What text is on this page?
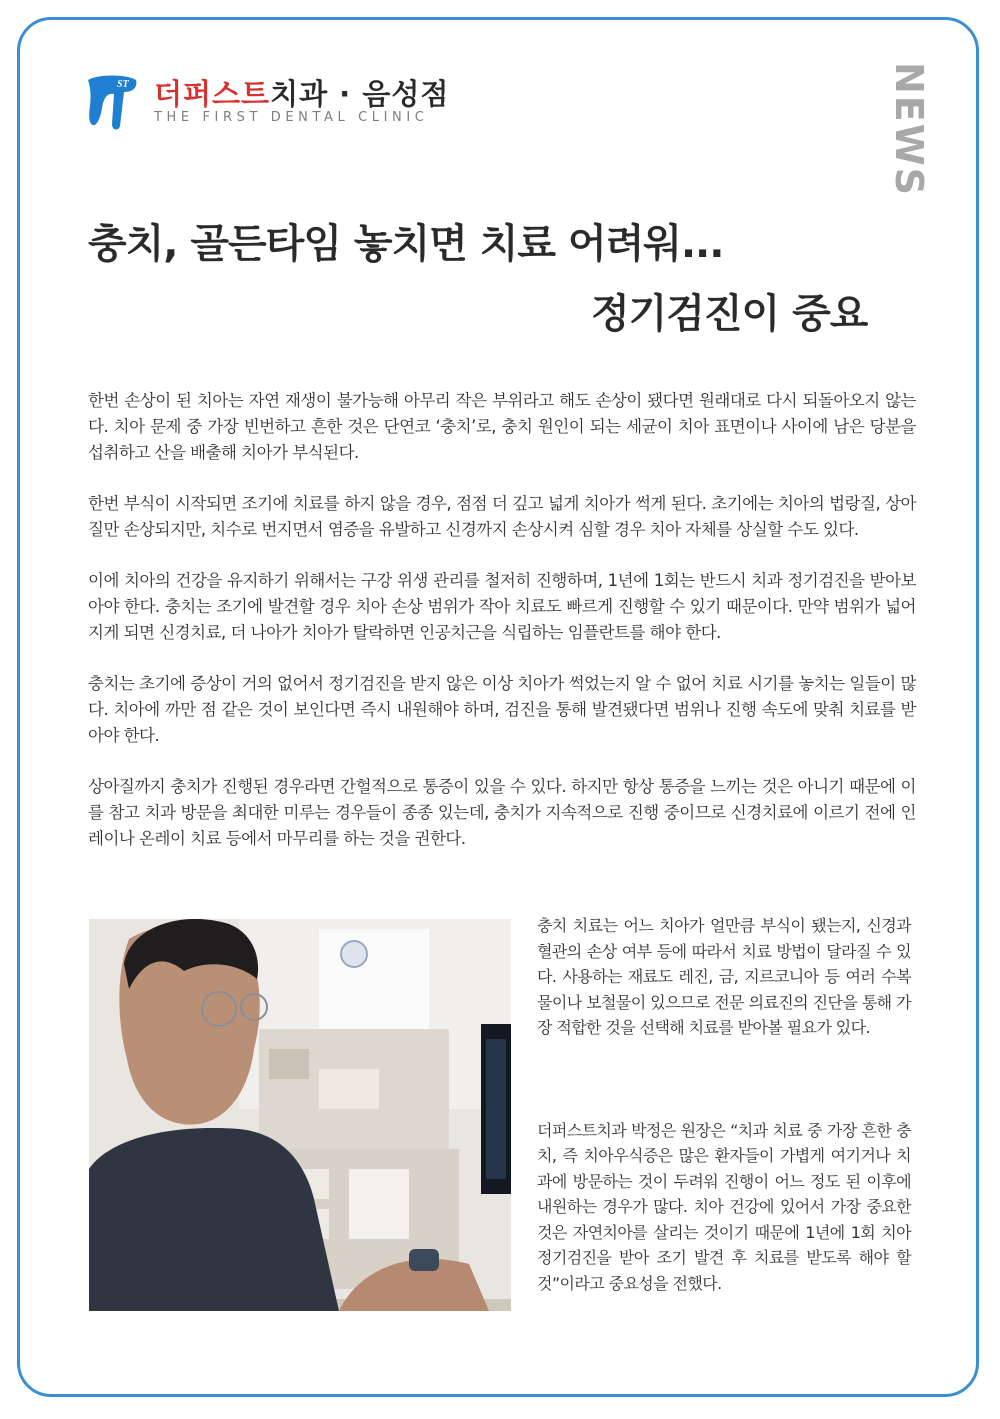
ST 더퍼스트치과 · 음성점
THE FIRST DENTAL CLINIC	NEWS
충치, 골든타임 놓치면 치료 어려워...
정기검진이 중요

한번 손상이 된 치아는 자연 재생이 불가능해 아무리 작은 부위라고 해도 손상이 됐다면 원래대로 다시 되돌아오지 않는다. 치아 문제 중 가장 빈번하고 흔한 것은 단연코 ‘충치’로, 충치 원인이 되는 세균이 치아 표면이나 사이에 남은 당분을 섭취하고 산을 배출해 치아가 부식된다.

한번 부식이 시작되면 조기에 치료를 하지 않을 경우, 점점 더 깊고 넓게 치아가 썩게 된다. 초기에는 치아의 법랑질, 상아질만 손상되지만, 치수로 번지면서 염증을 유발하고 신경까지 손상시켜 심할 경우 치아 자체를 상실할 수도 있다.

이에 치아의 건강을 유지하기 위해서는 구강 위생 관리를 철저히 진행하며, 1년에 1회는 반드시 치과 정기검진을 받아보아야 한다. 충치는 조기에 발견할 경우 치아 손상 범위가 작아 치료도 빠르게 진행할 수 있기 때문이다. 만약 범위가 넓어지게 되면 신경치료, 더 나아가 치아가 탈락하면 인공치근을 식립하는 임플란트를 해야 한다.

충치는 초기에 증상이 거의 없어서 정기검진을 받지 않은 이상 치아가 썩었는지 알 수 없어 치료 시기를 놓치는 일들이 많다. 치아에 까만 점 같은 것이 보인다면 즉시 내원해야 하며, 검진을 통해 발견됐다면 범위나 진행 속도에 맞춰 치료를 받아야 한다.

상아질까지 충치가 진행된 경우라면 간헐적으로 통증이 있을 수 있다. 하지만 항상 통증을 느끼는 것은 아니기 때문에 이를 참고 치과 방문을 최대한 미루는 경우들이 종종 있는데, 충치가 지속적으로 진행 중이므로 신경치료에 이르기 전에 인레이나 온레이 치료 등에서 마무리를 하는 것을 권한다.

충치 치료는 어느 치아가 얼만큼 부식이 됐는지, 신경과 혈관의 손상 여부 등에 따라서 치료 방법이 달라질 수 있다. 사용하는 재료도 레진, 금, 지르코니아 등 여러 수복물이나 보철물이 있으므로 전문 의료진의 진단을 통해 가장 적합한 것을 선택해 치료를 받아볼 필요가 있다.

더퍼스트치과 박정은 원장은 “치과 치료 중 가장 흔한 충치, 즉 치아우식증은 많은 환자들이 가볍게 여기거나 치과에 방문하는 것이 두려워 진행이 어느 정도 된 이후에 내원하는 경우가 많다. 치아 건강에 있어서 가장 중요한 것은 자연치아를 살리는 것이기 때문에 1년에 1회 치아 정기검진을 받아 조기 발견 후 치료를 받도록 해야 할 것”이라고 중요성을 전했다.
